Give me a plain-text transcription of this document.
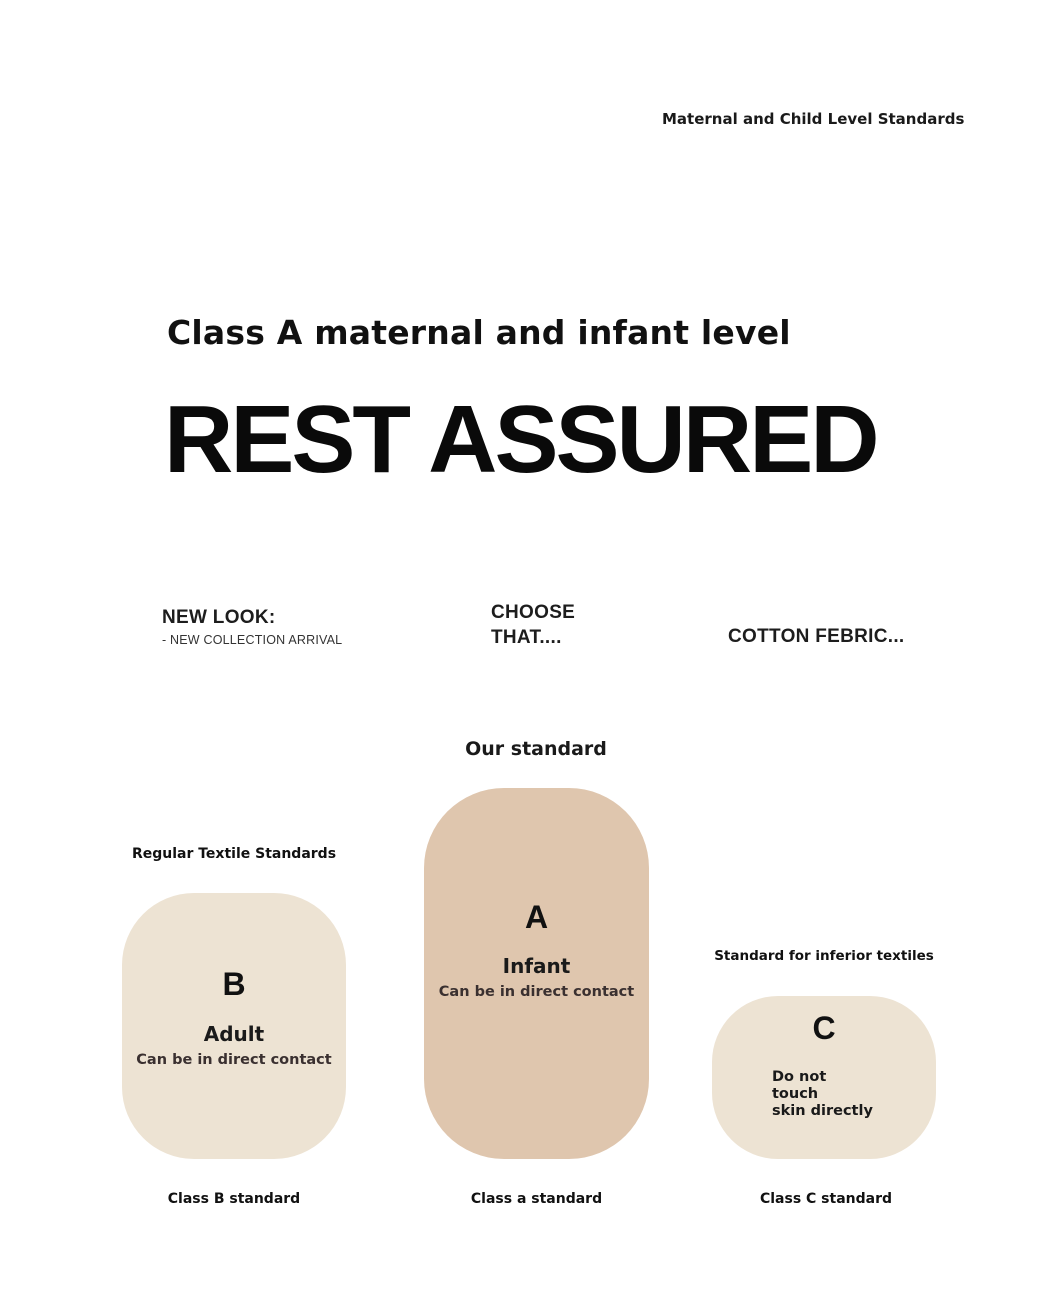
Maternal and Child Level Standards
Class A maternal and infant level
REST ASSURED
NEW LOOK:
- NEW COLLECTION ARRIVAL
CHOOSE
THAT....	COTTON FEBRIC...
Our standard
Regular Textile Standards
Standard for inferior textiles
B
Adult
Can be in direct contact
A
Infant
Can be in direct contact
C
Do not touch
skin directly
Class B standard	Class a standard	Class C standard
